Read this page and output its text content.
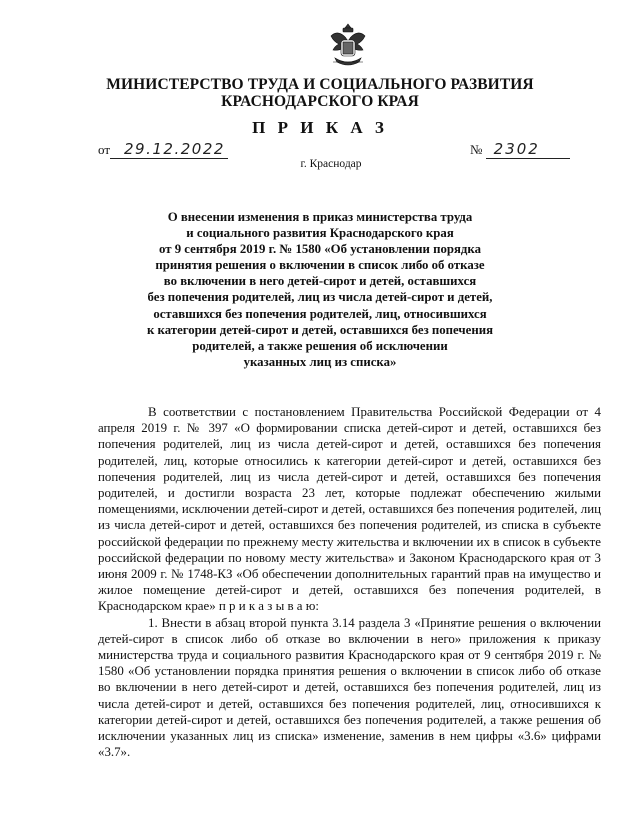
МИНИСТЕРСТВО ТРУДА И СОЦИАЛЬНОГО РАЗВИТИЯ
КРАСНОДАРСКОГО КРАЯ
П Р И К А З
от 29.12.2022	№ 2302
г. Краснодар
О внесении изменения в приказ министерства труда
и социального развития Краснодарского края
от 9 сентября 2019 г. № 1580 «Об установлении порядка
принятия решения о включении в список либо об отказе
во включении в него детей-сирот и детей, оставшихся
без попечения родителей, лиц из числа детей-сирот и детей,
оставшихся без попечения родителей, лиц, относившихся
к категории детей-сирот и детей, оставшихся без попечения
родителей, а также решения об исключении
указанных лиц из списка»

В соответствии с постановлением Правительства Российской Федерации от 4 апреля 2019 г. № 397 «О формировании списка детей-сирот и детей, оставшихся без попечения родителей, лиц из числа детей-сирот и детей, оставшихся без попечения родителей, лиц, которые относились к категории детей-сирот и детей, оставшихся без попечения родителей, лиц из числа детей-сирот и детей, оставшихся без попечения родителей, и достигли возраста 23 лет, которые подлежат обеспечению жилыми помещениями, исключении детей-сирот и детей, оставшихся без попечения родителей, лиц из числа детей-сирот и детей, оставшихся без попечения родителей, из списка в субъекте российской федерации по прежнему месту жительства и включении их в список в субъекте российской федерации по новому месту жительства» и Законом Краснодарского края от 3 июня 2009 г. № 1748-КЗ «Об обеспечении дополнительных гарантий прав на имущество и жилое помещение детей-сирот и детей, оставшихся без попечения родителей, в Краснодарском крае» п р и к а з ы в а ю:

1. Внести в абзац второй пункта 3.14 раздела 3 «Принятие решения о включении детей-сирот в список либо об отказе во включении в него» приложения к приказу министерства труда и социального развития Краснодарского края от 9 сентября 2019 г. № 1580 «Об установлении порядка принятия решения о включении в список либо об отказе во включении в него детей-сирот и детей, оставшихся без попечения родителей, лиц из числа детей-сирот и детей, оставшихся без попечения родителей, лиц, относившихся к категории детей-сирот и детей, оставшихся без попечения родителей, а также решения об исключении указанных лиц из списка» изменение, заменив в нем цифры «3.6» цифрами «3.7».
